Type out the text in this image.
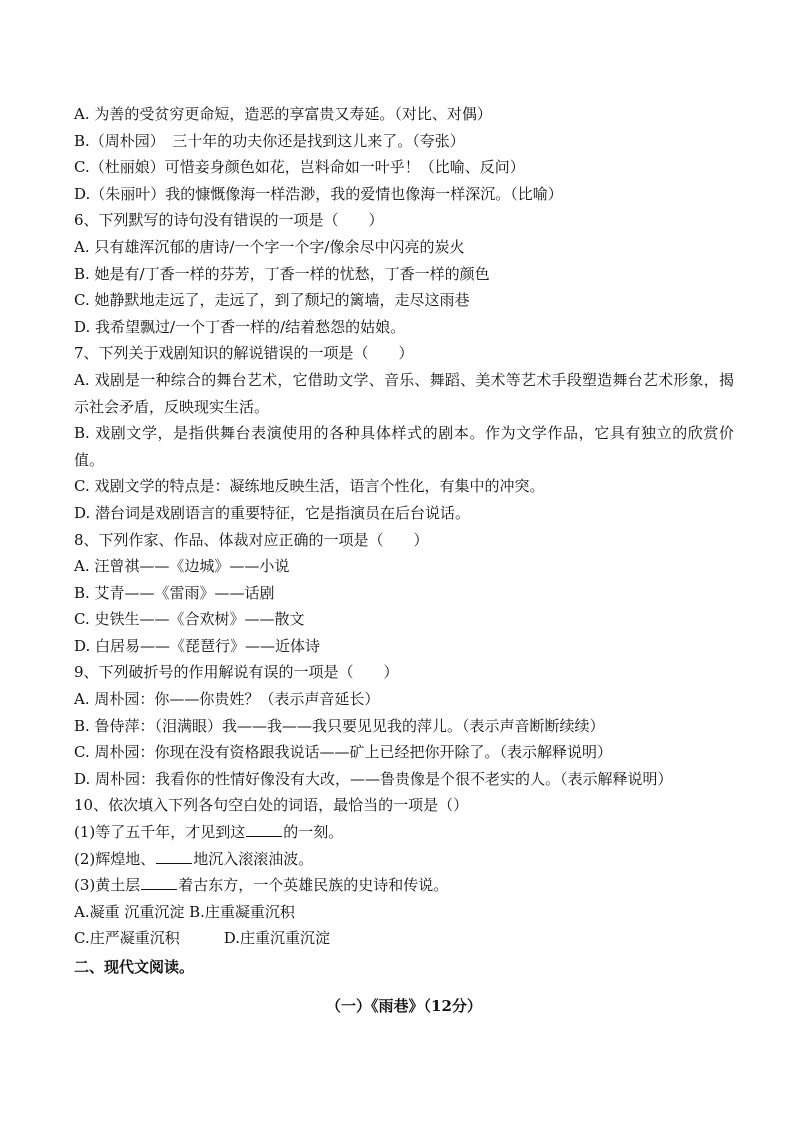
A. 为善的受贫穷更命短，造恶的享富贵又寿延。（对比、对偶）
B.（周朴园）　三十年的功夫你还是找到这儿来了。（夸张）
C.（杜丽娘）可惜妾身颜色如花，岂料命如一叶乎！（比喻、反问）
D.（朱丽叶）我的慷慨像海一样浩渺，我的爱情也像海一样深沉。（比喻）
6、下列默写的诗句没有错误的一项是（　　）
A. 只有雄浑沉郁的唐诗/一个字一个字/像余尽中闪亮的炭火
B. 她是有/丁香一样的芬芳，丁香一样的忧愁，丁香一样的颜色
C. 她静默地走远了，走远了，到了颓圮的篱墙，走尽这雨巷
D. 我希望飘过/一个丁香一样的/结着愁怨的姑娘。
7、下列关于戏剧知识的解说错误的一项是（　　）
A. 戏剧是一种综合的舞台艺术，它借助文学、音乐、舞蹈、美术等艺术手段塑造舞台艺术形象，揭示社会矛盾，反映现实生活。
B. 戏剧文学，是指供舞台表演使用的各种具体样式的剧本。作为文学作品，它具有独立的欣赏价值。
C. 戏剧文学的特点是：凝练地反映生活，语言个性化，有集中的冲突。
D. 潜台词是戏剧语言的重要特征，它是指演员在后台说话。
8、下列作家、作品、体裁对应正确的一项是（　　）
A. 汪曾祺——《边城》——小说
B. 艾青——《雷雨》——话剧
C. 史铁生——《合欢树》——散文
D. 白居易——《琵琶行》——近体诗
9、下列破折号的作用解说有误的一项是（　　）
A. 周朴园：你——你贵姓？（表示声音延长）
B. 鲁侍萍：（泪满眼）我——我——我只要见见我的萍儿。（表示声音断断续续）
C. 周朴园：你现在没有资格跟我说话——矿上已经把你开除了。（表示解释说明）
D. 周朴园：我看你的性情好像没有大改，——鲁贵像是个很不老实的人。（表示解释说明）
10、依次填入下列各句空白处的词语，最恰当的一项是（）
(1)等了五千年，才见到这	的一刻。
(2)辉煌地、	地沉入滚滚油波。
(3)黄土层	着古东方，一个英雄民族的史诗和传说。
A.凝重 沉重沉淀 B.庄重凝重沉积
C.庄严凝重沉积	D.庄重沉重沉淀
二、现代文阅读。
（一）《雨巷》（12分）
